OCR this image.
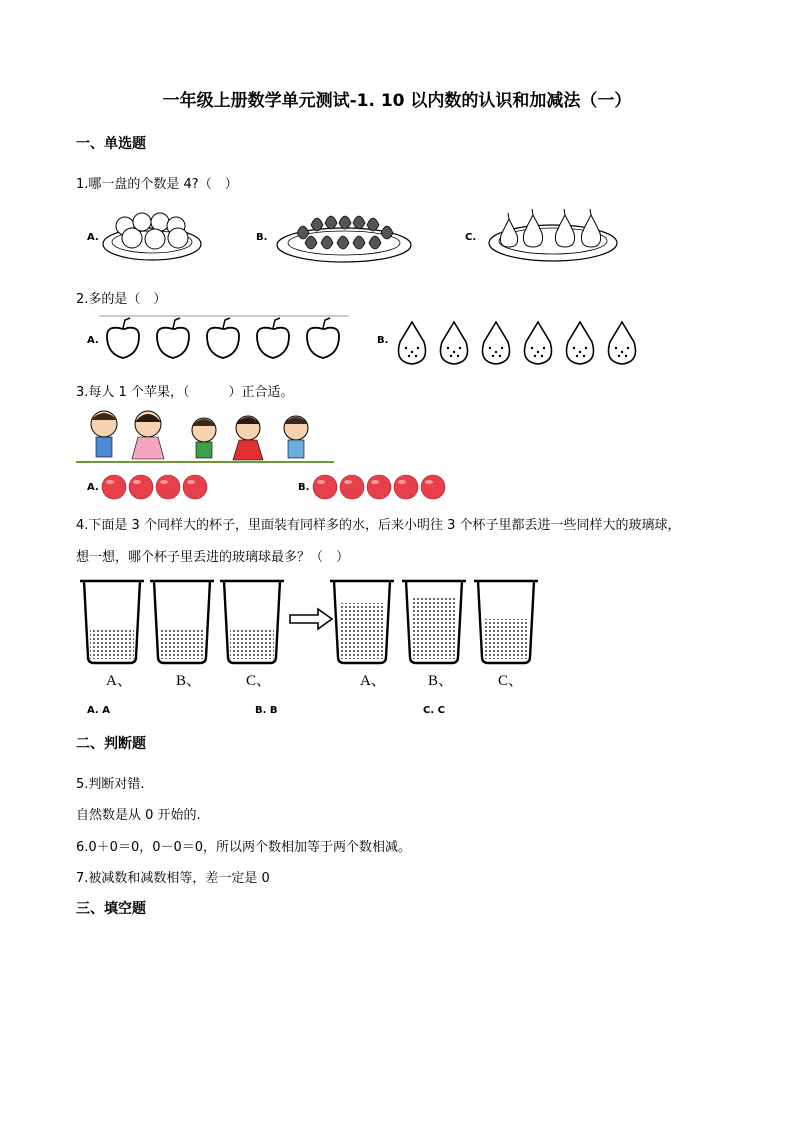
一年级上册数学单元测试-1. 10 以内数的认识和加减法（一）
一、单选题
1.哪一盘的个数是 4?（　）
A.	B.	C.
2.多的是（　）
A.	B.
3.每人 1 个苹果，（　　　）正合适。
A.	B.
4.下面是 3 个同样大的杯子，里面装有同样多的水，后来小明往 3 个杯子里都丢进一些同样大的玻璃球，
想一想，哪个杯子里丢进的玻璃球最多？（　）
A、	B、	C、	A、	B、	C、
A. A	B. B	C. C
二、判断题
5.判断对错.
自然数是从 0 开始的.
6.0＋0＝0，0－0＝0，所以两个数相加等于两个数相减。
7.被减数和减数相等，差一定是 0
三、填空题
